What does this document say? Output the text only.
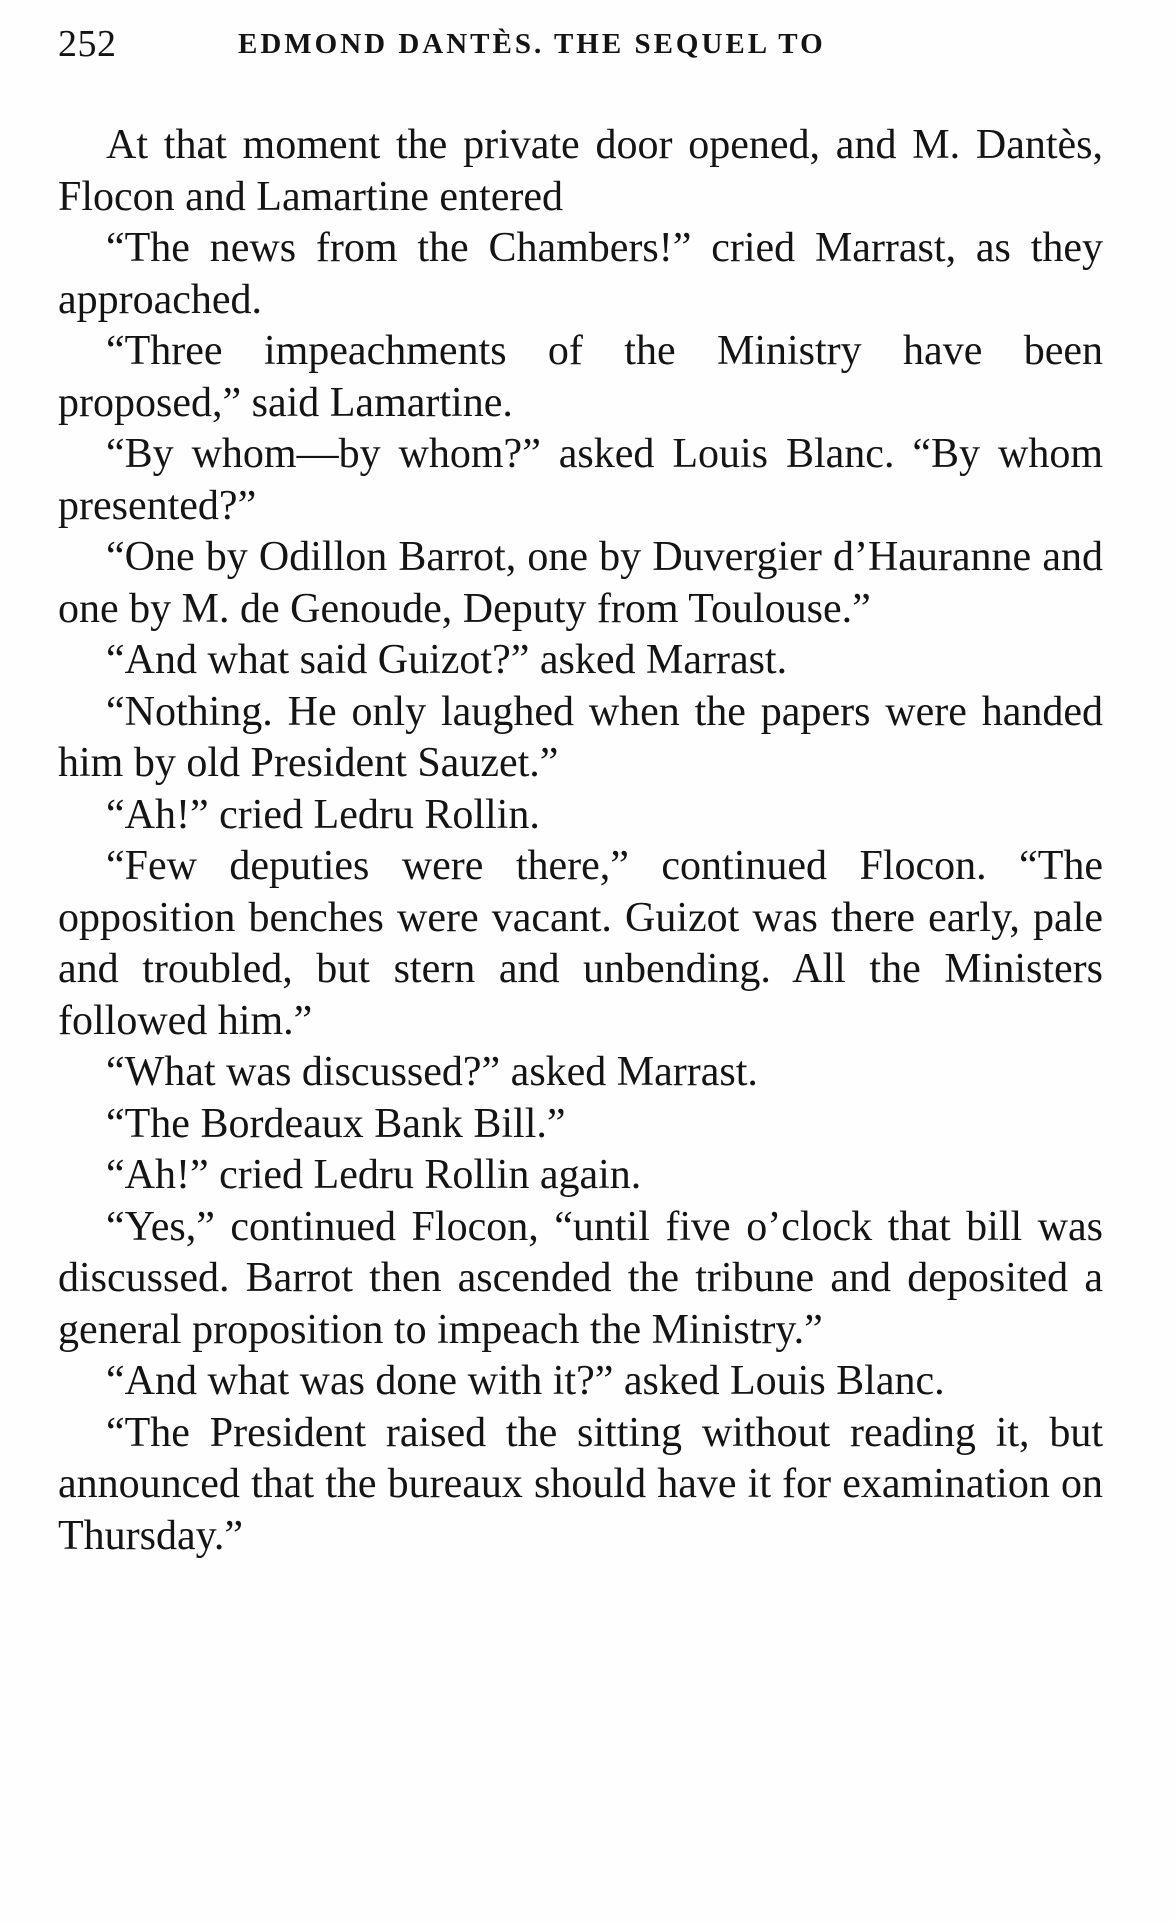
252	EDMOND DANTÈS. THE SEQUEL TO

At that moment the private door opened, and M. Dantès, Flocon and Lamartine entered

“The news from the Chambers!” cried Marrast, as they approached.

“Three impeachments of the Ministry have been proposed,” said Lamartine.

“By whom—by whom?” asked Louis Blanc. “By whom presented?”

“One by Odillon Barrot, one by Duvergier d’Hauranne and one by M. de Genoude, Deputy from Toulouse.”

“And what said Guizot?” asked Marrast.

“Nothing. He only laughed when the papers were handed him by old President Sauzet.”

“Ah!” cried Ledru Rollin.

“Few deputies were there,” continued Flocon. “The opposition benches were vacant. Guizot was there early, pale and troubled, but stern and unbending. All the Ministers followed him.”

“What was discussed?” asked Marrast.

“The Bordeaux Bank Bill.”

“Ah!” cried Ledru Rollin again.

“Yes,” continued Flocon, “until five o’clock that bill was discussed. Barrot then ascended the tribune and deposited a general proposition to impeach the Ministry.”

“And what was done with it?” asked Louis Blanc.

“The President raised the sitting without reading it, but announced that the bureaux should have it for examination on Thursday.”
